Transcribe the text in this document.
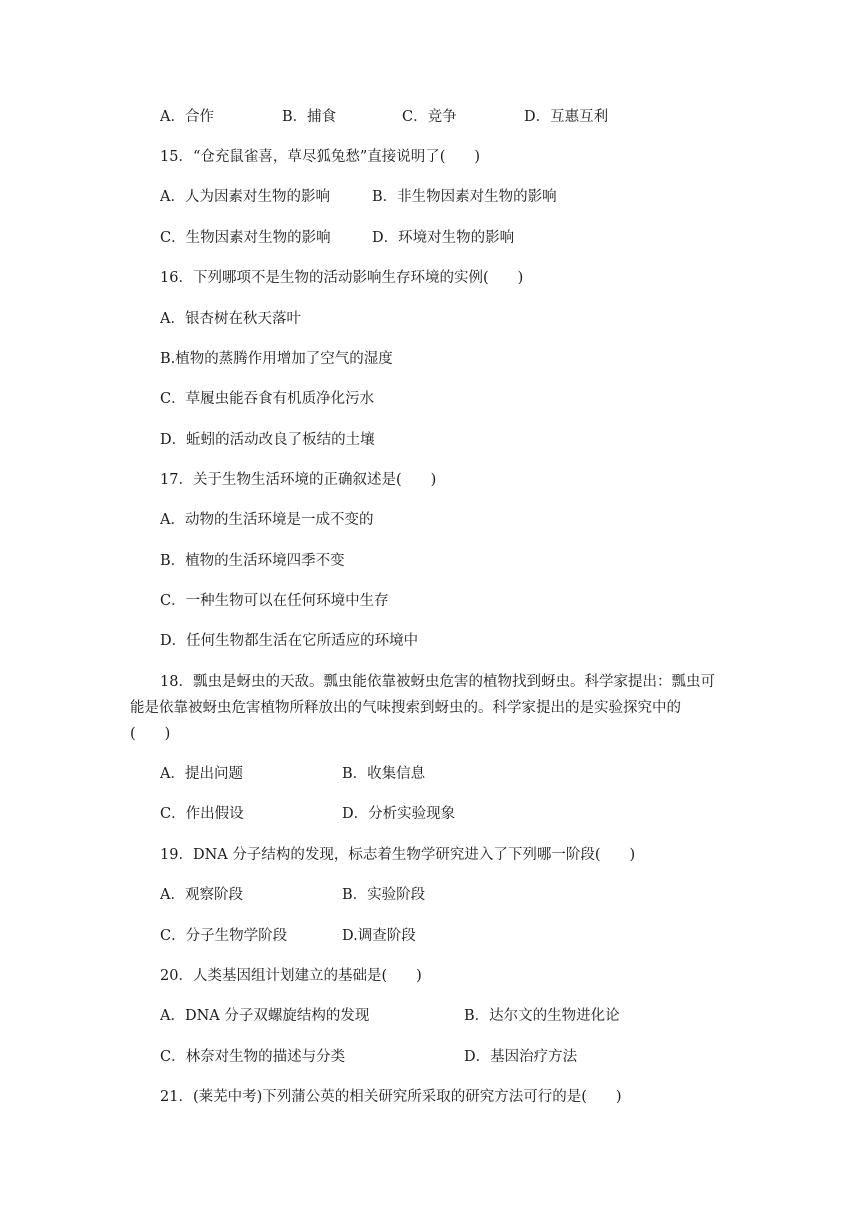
A．合作	B．捕食	C．竞争	D．互惠互利
15．“仓充鼠雀喜，草尽狐兔愁”直接说明了(　　)
A．人为因素对生物的影响	B．非生物因素对生物的影响
C．生物因素对生物的影响	D．环境对生物的影响
16．下列哪项不是生物的活动影响生存环境的实例(　　)
A．银杏树在秋天落叶
B.植物的蒸腾作用增加了空气的湿度
C．草履虫能吞食有机质净化污水
D．蚯蚓的活动改良了板结的土壤
17．关于生物生活环境的正确叙述是(　　)
A．动物的生活环境是一成不变的
B．植物的生活环境四季不变
C．一种生物可以在任何环境中生存
D．任何生物都生活在它所适应的环境中
18．瓢虫是蚜虫的天敌。瓢虫能依靠被蚜虫危害的植物找到蚜虫。科学家提出：瓢虫可
能是依靠被蚜虫危害植物所释放出的气味搜索到蚜虫的。科学家提出的是实验探究中的
(　　)
A．提出问题	B．收集信息
C．作出假设	D．分析实验现象
19．DNA 分子结构的发现，标志着生物学研究进入了下列哪一阶段(　　)
A．观察阶段	B．实验阶段
C．分子生物学阶段	D.调查阶段
20．人类基因组计划建立的基础是(　　)
A．DNA 分子双螺旋结构的发现	B．达尔文的生物进化论
C．林奈对生物的描述与分类	D．基因治疗方法
21．(莱芜中考)下列蒲公英的相关研究所采取的研究方法可行的是(　　)
